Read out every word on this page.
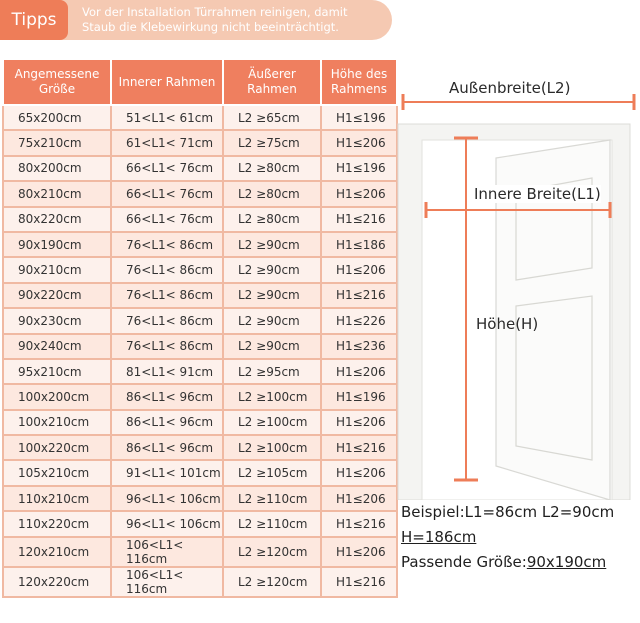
Tipps	Vor der Installation Türrahmen reinigen, damit
Staub die Klebewirkung nicht beeinträchtigt.
Angemessene Größe	Innerer Rahmen	Äußerer Rahmen	Höhe des Rahmens
65x200cm	51<L1< 61cm	L2 ≥65cm	H1≤196
75x210cm	61<L1< 71cm	L2 ≥75cm	H1≤206
80x200cm	66<L1< 76cm	L2 ≥80cm	H1≤196
80x210cm	66<L1< 76cm	L2 ≥80cm	H1≤206
80x220cm	66<L1< 76cm	L2 ≥80cm	H1≤216
90x190cm	76<L1< 86cm	L2 ≥90cm	H1≤186
90x210cm	76<L1< 86cm	L2 ≥90cm	H1≤206
90x220cm	76<L1< 86cm	L2 ≥90cm	H1≤216
90x230cm	76<L1< 86cm	L2 ≥90cm	H1≤226
90x240cm	76<L1< 86cm	L2 ≥90cm	H1≤236
95x210cm	81<L1< 91cm	L2 ≥95cm	H1≤206
100x200cm	86<L1< 96cm	L2 ≥100cm	H1≤196
100x210cm	86<L1< 96cm	L2 ≥100cm	H1≤206
100x220cm	86<L1< 96cm	L2 ≥100cm	H1≤216
105x210cm	91<L1< 101cm	L2 ≥105cm	H1≤206
110x210cm	96<L1< 106cm	L2 ≥110cm	H1≤206
110x220cm	96<L1< 106cm	L2 ≥110cm	H1≤216
120x210cm	106<L1< 116cm	L2 ≥120cm	H1≤206
120x220cm	106<L1< 116cm	L2 ≥120cm	H1≤216
Außenbreite(L2)
Innere Breite(L1)
Höhe(H)
Beispiel:L1=86cm L2=90cm
H=186cm
Passende Größe:90x190cm
